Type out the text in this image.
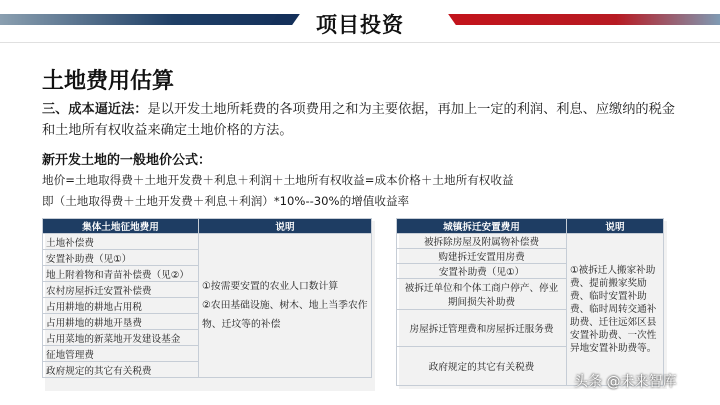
项目投资
土地费用估算
三、成本逼近法：是以开发土地所耗费的各项费用之和为主要依据，再加上一定的利润、利息、应缴纳的税金和土地所有权收益来确定土地价格的方法。
新开发土地的一般地价公式：
地价=土地取得费＋土地开发费＋利息＋利润＋土地所有权收益=成本价格＋土地所有权收益
即（土地取得费＋土地开发费＋利息＋利润）*10%--30%的增值收益率
集体土地征地费用	说明
土地补偿费	①按需要安置的农业人口数计算
②农田基础设施、树木、地上当季农作物、迁坟等的补偿

安置补助费（见①）	
地上附着物和青苗补偿费（见②）	
农村房屋拆迁安置补偿费	
占用耕地的耕地占用税	
占用耕地的耕地开垦费	
占用菜地的新菜地开发建设基金	
征地管理费	
政府规定的其它有关税费	
城镇拆迁安置费用	说明
被拆除房屋及附属物补偿费	①被拆迁人搬家补助费、提前搬家奖励费、临时安置补助费、临时周转交通补助费、迁往远郊区县安置补助费、一次性异地安置补助费等。
购建拆迁安置用房费	
安置补助费（见①）	
被拆迁单位和个体工商户停产、停业期间损失补助费	
房屋拆迁管理费和房屋拆迁服务费	
政府规定的其它有关税费	
头条 @未来智库
